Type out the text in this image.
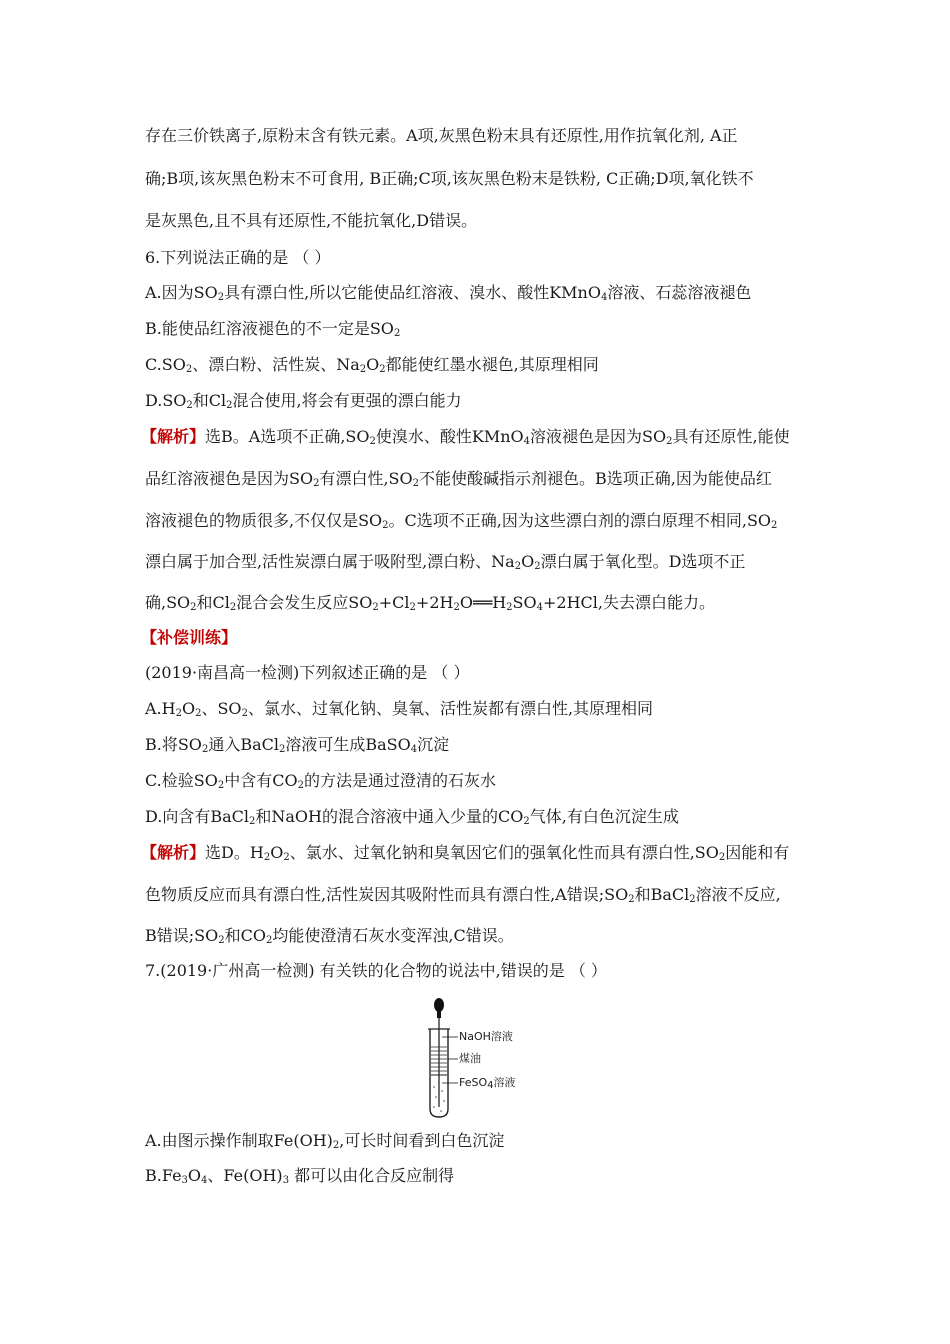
存在三价铁离子,原粉末含有铁元素。A项,灰黑色粉末具有还原性,用作抗氧化剂, A正
确;B项,该灰黑色粉末不可食用, B正确;C项,该灰黑色粉末是铁粉, C正确;D项,氧化铁不
是灰黑色,且不具有还原性,不能抗氧化,D错误。
6.下列说法正确的是 （ ）
A.因为$SO_2$具有漂白性,所以它能使品红溶液、溴水、酸性KMnO$_4$溶液、石蕊溶液褪色
B.能使品红溶液褪色的不一定是$SO_2$
$C.SO_2$、漂白粉、活性炭、$Na_2O_2$都能使红墨水褪色,其原理相同
$D.SO_2$和$Cl_2$混合使用,将会有更强的漂白能力
【解析】选B。A选项不正确$,SO_2$使溴水、酸性KMnO$_4$溶液褪色是因为$SO_2$具有还原性,能使
品红溶液褪色是因为$SO_2$有漂白性$,SO_2$不能使酸碱指示剂褪色。B选项正确,因为能使品红
溶液褪色的物质很多,不仅仅是$SO_2$。C选项不正确,因为这些漂白剂的漂白原理不相同$,SO_2$
漂白属于加合型,活性炭漂白属于吸附型,漂白粉、$Na_2O_2$漂白属于氧化型。D选项不正
确$,SO_2$和$Cl_2$混合会发生反应$SO_2+Cl_2+2H_2O══H_2SO_4+2HCl$,失去漂白能力。
【补偿训练】
(2019·南昌高一检测)下列叙述正确的是 （ ）
$A.H_2O_2$、$SO_2$、氯水、过氧化钠、臭氧、活性炭都有漂白性,其原理相同
B.将$SO_2$通入BaCl$_2$溶液可生成BaSO$_4$沉淀
C.检验$SO_2$中含有$CO_2$的方法是通过澄清的石灰水
D.向含有BaCl$_2$和NaOH的混合溶液中通入少量的$CO_2$气体,有白色沉淀生成
【解析】选D。$H_2O_2$、氯水、过氧化钠和臭氧因它们的强氧化性而具有漂白性$,SO_2$因能和有
色物质反应而具有漂白性,活性炭因其吸附性而具有漂白性,A错误$;SO_2$和BaCl$_2$溶液不反应,
B错误$;SO_2$和$CO_2$均能使澄清石灰水变浑浊,C错误。
7.(2019·广州高一检测) 有关铁的化合物的说法中,错误的是 （ ）
NaOH溶液
煤油
FeSO$_4$溶液
A.由图示操作制取$Fe(OH)_2$,可长时间看到白色沉淀
$B.Fe_3O_4$、$Fe(OH)_3$ 都可以由化合反应制得
